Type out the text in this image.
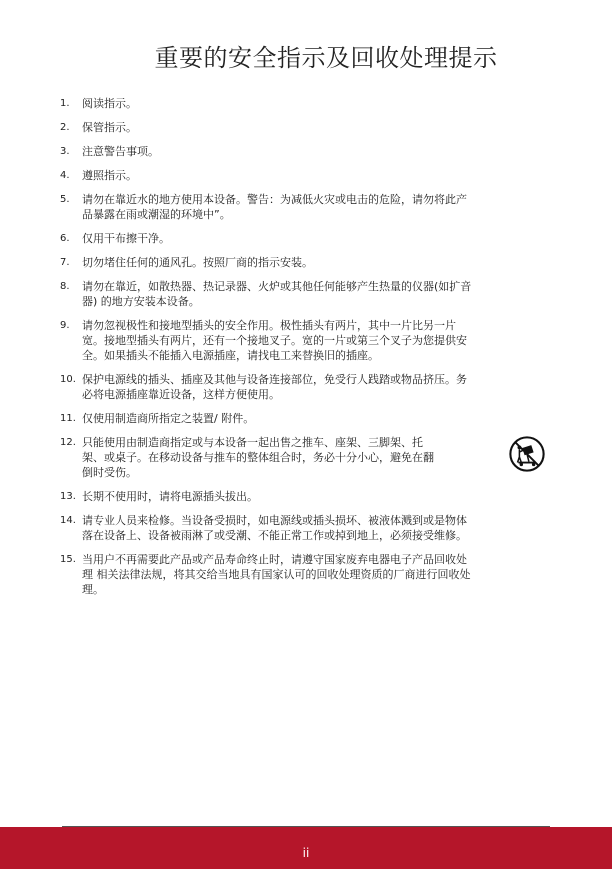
重要的安全指示及回收处理提示
1.	阅读指示。
2.	保管指示。
3.	注意警告事项。
4.	遵照指示。
5.	请勿在靠近水的地方使用本设备。警告：为减低火灾或电击的危险，请勿将此产
品暴露在雨或潮湿的环境中”。
6.	仅用干布擦干净。
7.	切勿堵住任何的通风孔。按照厂商的指示安装。
8.	请勿在靠近，如散热器、热记录器、火炉或其他任何能够产生热量的仪器(如扩音
器) 的地方安装本设备。
9.	请勿忽视极性和接地型插头的安全作用。极性插头有两片，其中一片比另一片
宽。接地型插头有两片，还有一个接地叉子。宽的一片或第三个叉子为您提供安
全。如果插头不能插入电源插座，请找电工来替换旧的插座。
10. 保护电源线的插头、插座及其他与设备连接部位，免受行人践踏或物品挤压。务
必将电源插座靠近设备，这样方便使用。
11. 仅使用制造商所指定之装置/ 附件。
12. 只能使用由制造商指定或与本设备一起出售之推车、座架、三脚架、托
架、或桌子。在移动设备与推车的整体组合时，务必十分小心，避免在翻
倒时受伤。
13. 长期不使用时，请将电源插头拔出。
14. 请专业人员来检修。当设备受损时，如电源线或插头损坏、被液体溅到或是物体
落在设备上、设备被雨淋了或受潮、不能正常工作或掉到地上，必须接受维修。
15. 当用户不再需要此产品或产品寿命终止时，请遵守国家废弃电器电子产品回收处
理 相关法律法规，将其交给当地具有国家认可的回收处理资质的厂商进行回收处
理。
ii
